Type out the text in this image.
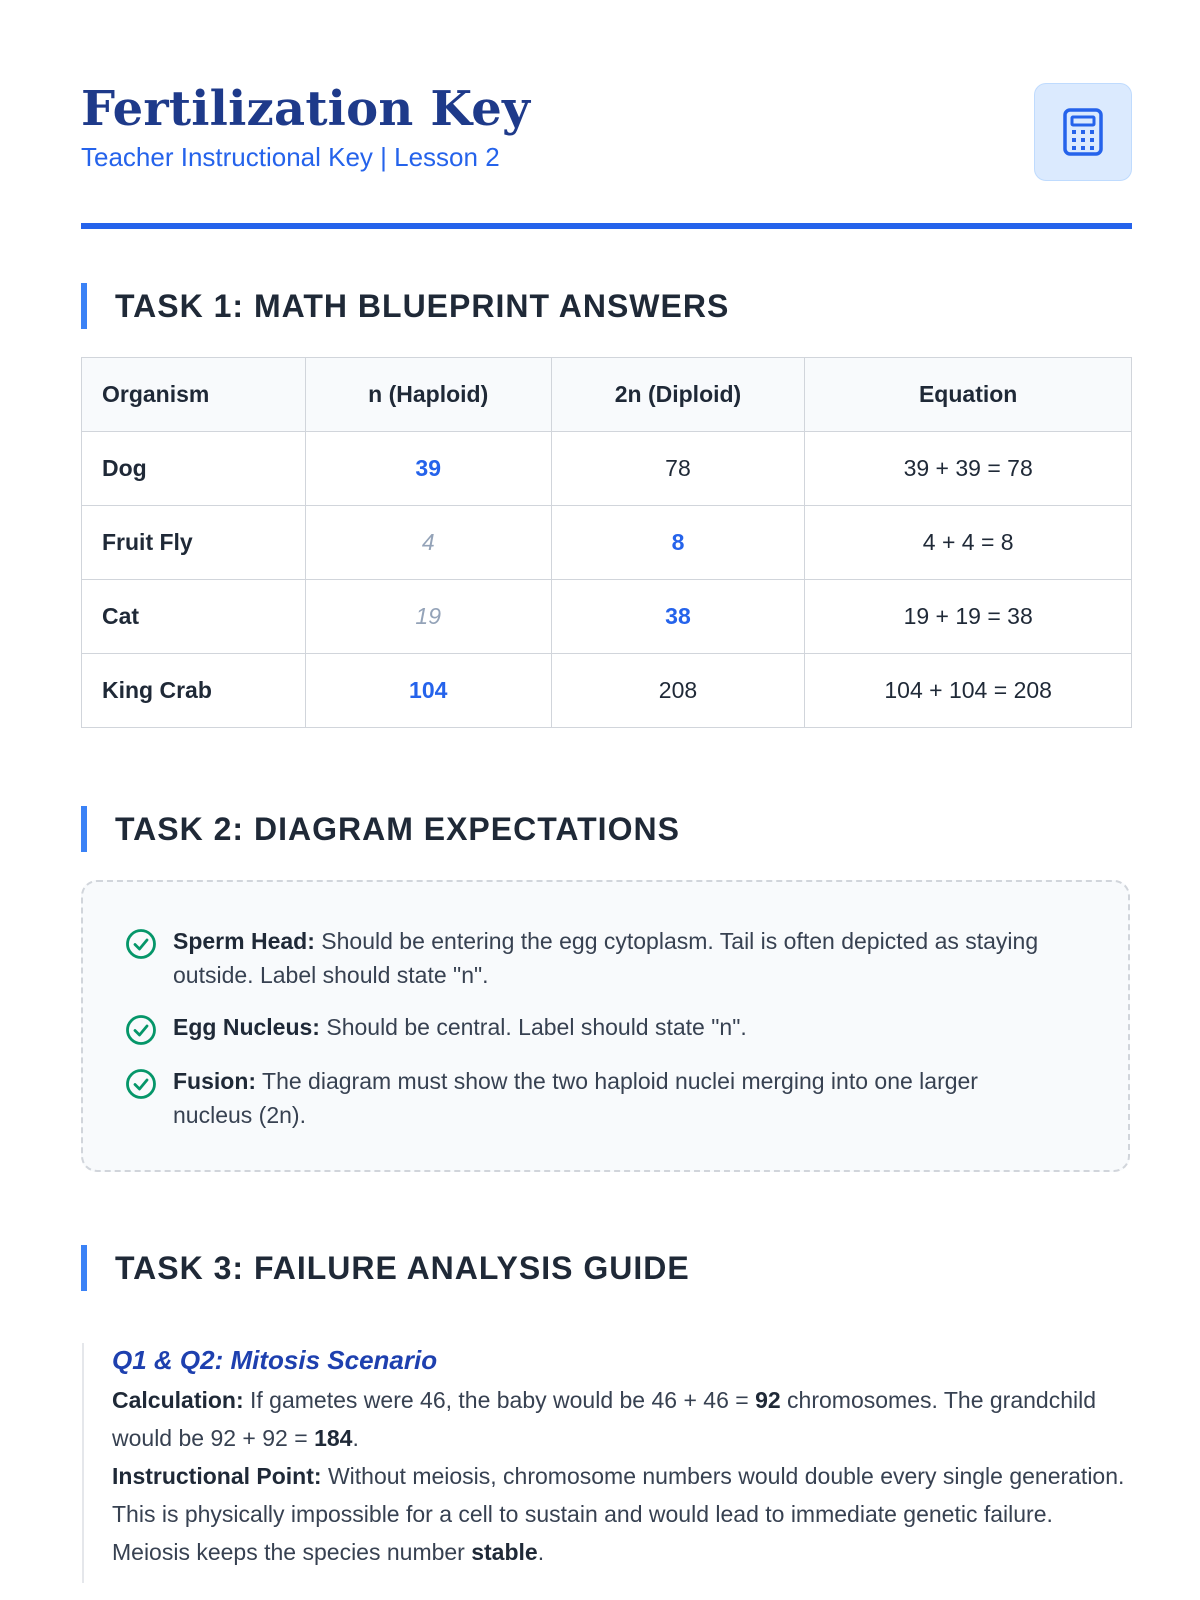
Fertilization Key
Teacher Instructional Key | Lesson 2
TASK 1: MATH BLUEPRINT ANSWERS
Organism	n (Haploid)	2n (Diploid)	Equation
Dog	39	78	39 + 39 = 78
Fruit Fly	4	8	4 + 4 = 8
Cat	19	38	19 + 19 = 38
King Crab	104	208	104 + 104 = 208
TASK 2: DIAGRAM EXPECTATIONS
Sperm Head: Should be entering the egg cytoplasm. Tail is often depicted as staying outside. Label should state "n".
Egg Nucleus: Should be central. Label should state "n".
Fusion: The diagram must show the two haploid nuclei merging into one larger nucleus (2n).
TASK 3: FAILURE ANALYSIS GUIDE
Q1 & Q2: Mitosis Scenario
Calculation: If gametes were 46, the baby would be 46 + 46 = 92 chromosomes. The grandchild would be 92 + 92 = 184.
Instructional Point: Without meiosis, chromosome numbers would double every single generation. This is physically impossible for a cell to sustain and would lead to immediate genetic failure. Meiosis keeps the species number stable.
